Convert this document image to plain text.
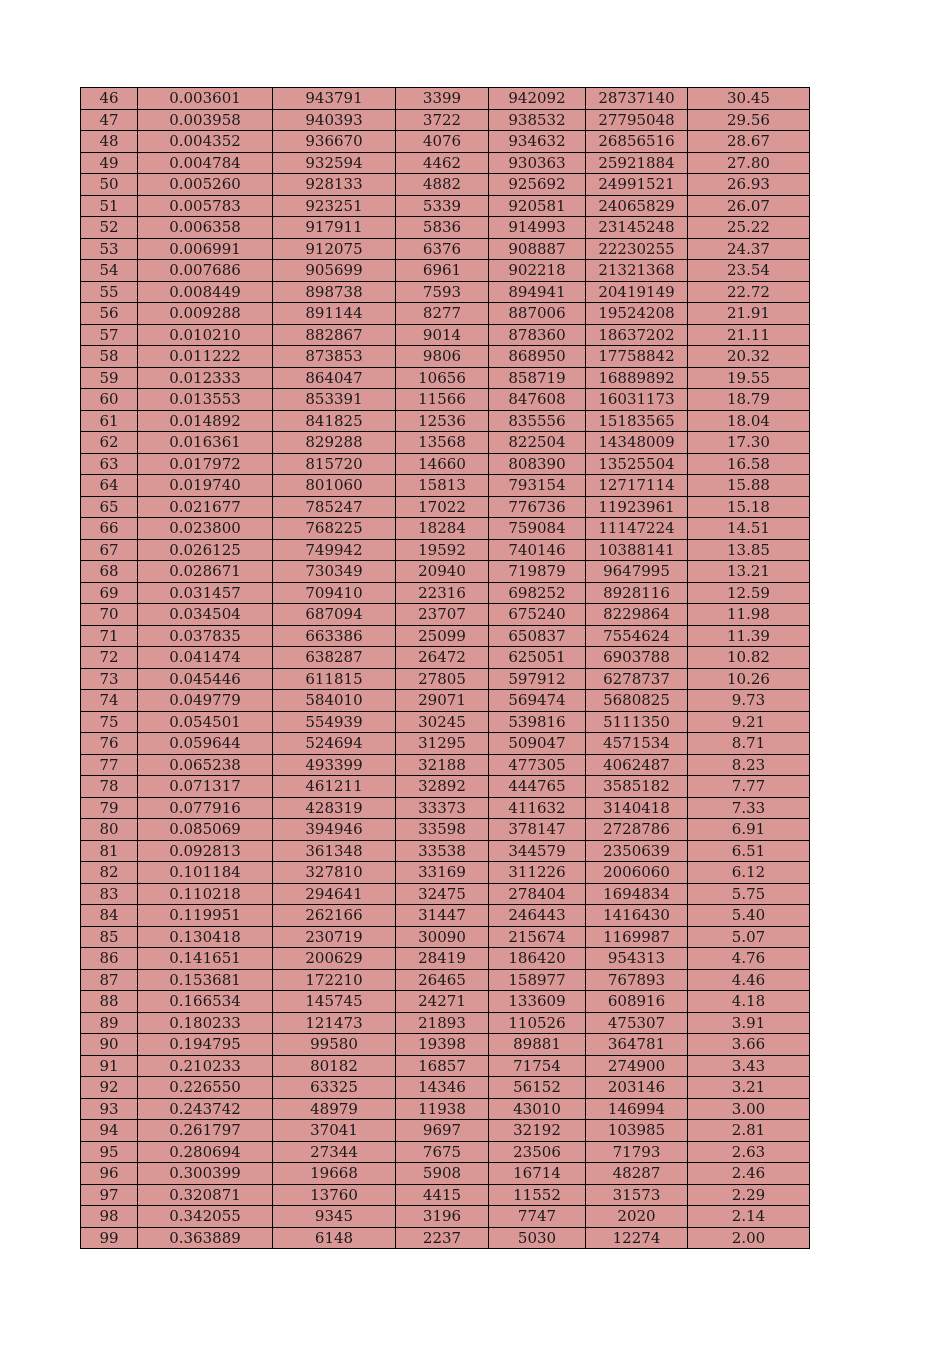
46	0.003601	943791	3399	942092	28737140	30.45
47	0.003958	940393	3722	938532	27795048	29.56
48	0.004352	936670	4076	934632	26856516	28.67
49	0.004784	932594	4462	930363	25921884	27.80
50	0.005260	928133	4882	925692	24991521	26.93
51	0.005783	923251	5339	920581	24065829	26.07
52	0.006358	917911	5836	914993	23145248	25.22
53	0.006991	912075	6376	908887	22230255	24.37
54	0.007686	905699	6961	902218	21321368	23.54
55	0.008449	898738	7593	894941	20419149	22.72
56	0.009288	891144	8277	887006	19524208	21.91
57	0.010210	882867	9014	878360	18637202	21.11
58	0.011222	873853	9806	868950	17758842	20.32
59	0.012333	864047	10656	858719	16889892	19.55
60	0.013553	853391	11566	847608	16031173	18.79
61	0.014892	841825	12536	835556	15183565	18.04
62	0.016361	829288	13568	822504	14348009	17.30
63	0.017972	815720	14660	808390	13525504	16.58
64	0.019740	801060	15813	793154	12717114	15.88
65	0.021677	785247	17022	776736	11923961	15.18
66	0.023800	768225	18284	759084	11147224	14.51
67	0.026125	749942	19592	740146	10388141	13.85
68	0.028671	730349	20940	719879	9647995	13.21
69	0.031457	709410	22316	698252	8928116	12.59
70	0.034504	687094	23707	675240	8229864	11.98
71	0.037835	663386	25099	650837	7554624	11.39
72	0.041474	638287	26472	625051	6903788	10.82
73	0.045446	611815	27805	597912	6278737	10.26
74	0.049779	584010	29071	569474	5680825	9.73
75	0.054501	554939	30245	539816	5111350	9.21
76	0.059644	524694	31295	509047	4571534	8.71
77	0.065238	493399	32188	477305	4062487	8.23
78	0.071317	461211	32892	444765	3585182	7.77
79	0.077916	428319	33373	411632	3140418	7.33
80	0.085069	394946	33598	378147	2728786	6.91
81	0.092813	361348	33538	344579	2350639	6.51
82	0.101184	327810	33169	311226	2006060	6.12
83	0.110218	294641	32475	278404	1694834	5.75
84	0.119951	262166	31447	246443	1416430	5.40
85	0.130418	230719	30090	215674	1169987	5.07
86	0.141651	200629	28419	186420	954313	4.76
87	0.153681	172210	26465	158977	767893	4.46
88	0.166534	145745	24271	133609	608916	4.18
89	0.180233	121473	21893	110526	475307	3.91
90	0.194795	99580	19398	89881	364781	3.66
91	0.210233	80182	16857	71754	274900	3.43
92	0.226550	63325	14346	56152	203146	3.21
93	0.243742	48979	11938	43010	146994	3.00
94	0.261797	37041	9697	32192	103985	2.81
95	0.280694	27344	7675	23506	71793	2.63
96	0.300399	19668	5908	16714	48287	2.46
97	0.320871	13760	4415	11552	31573	2.29
98	0.342055	9345	3196	7747	2020	2.14
99	0.363889	6148	2237	5030	12274	2.00
